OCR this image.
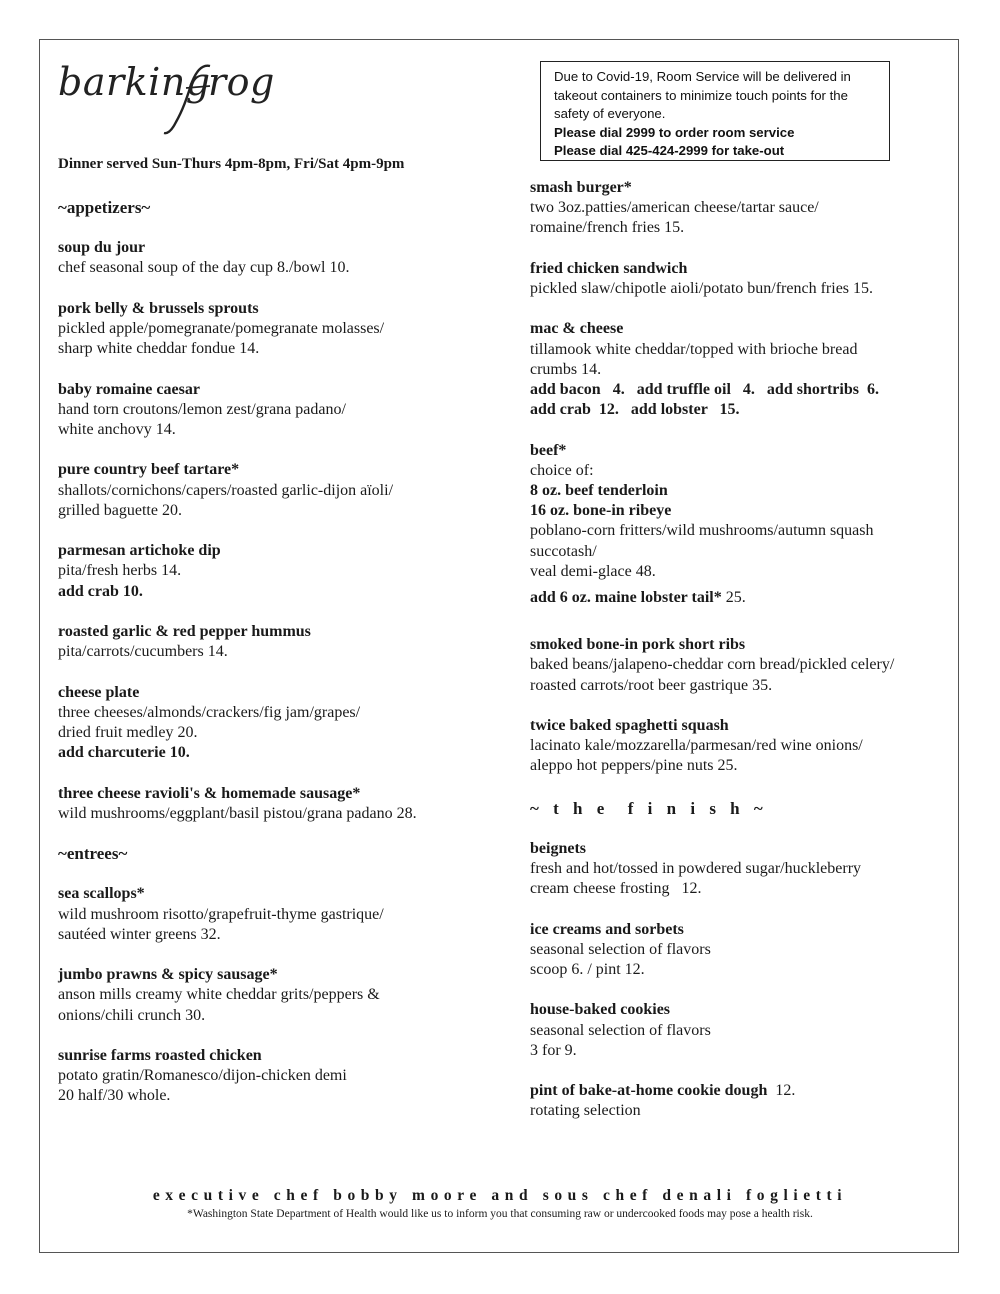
barking
rog	Due to Covid-19, Room Service will be delivered in
takeout containers to minimize touch points for the
safety of everyone.
Please dial 2999 to order room service
Please dial 425-424-2999 for take-out
Dinner served Sun-Thurs 4pm-8pm, Fri/Sat 4pm-9pm
~appetizers~
soup du jour
chef seasonal soup of the day cup 8./bowl 10.
pork belly & brussels sprouts
pickled apple/pomegranate/pomegranate molasses/
sharp white cheddar fondue 14.
baby romaine caesar
hand torn croutons/lemon zest/grana padano/
white anchovy 14.
pure country beef tartare*
shallots/cornichons/capers/roasted garlic-dijon aïoli/
grilled baguette 20.
parmesan artichoke dip
pita/fresh herbs 14.
add crab 10.
roasted garlic & red pepper hummus
pita/carrots/cucumbers 14.
cheese plate
three cheeses/almonds/crackers/fig jam/grapes/
dried fruit medley 20.
add charcuterie 10.
three cheese ravioli's & homemade sausage*
wild mushrooms/eggplant/basil pistou/grana padano 28.
~entrees~
sea scallops*
wild mushroom risotto/grapefruit-thyme gastrique/
sautéed winter greens 32.
jumbo prawns & spicy sausage*
anson mills creamy white cheddar grits/peppers &
onions/chili crunch 30.
sunrise farms roasted chicken
potato gratin/Romanesco/dijon-chicken demi
20 half/30 whole.
smash burger*
two 3oz.patties/american cheese/tartar sauce/
romaine/french fries 15.
fried chicken sandwich
pickled slaw/chipotle aioli/potato bun/french fries 15.
mac & cheese
tillamook white cheddar/topped with brioche bread
crumbs 14.
add bacon   4.   add truffle oil   4.   add shortribs  6.
add crab  12.   add lobster   15.
beef*
choice of:
8 oz. beef tenderloin
16 oz. bone-in ribeye
poblano-corn fritters/wild mushrooms/autumn squash
succotash/
veal demi-glace 48.
add 6 oz. maine lobster tail* 25.
smoked bone-in pork short ribs
baked beans/jalapeno-cheddar corn bread/pickled celery/
roasted carrots/root beer gastrique 35.
twice baked spaghetti squash
lacinato kale/mozzarella/parmesan/red wine onions/
aleppo hot peppers/pine nuts 25.
~ t h e  f i n i s h ~
beignets
fresh and hot/tossed in powdered sugar/huckleberry
cream cheese frosting   12.
ice creams and sorbets
seasonal selection of flavors
scoop 6. / pint 12.
house-baked cookies
seasonal selection of flavors
3 for 9.
pint of bake-at-home cookie dough  12.
rotating selection
executive chef bobby moore and sous chef denali foglietti
*Washington State Department of Health would like us to inform you that consuming raw or undercooked foods may pose a health risk.
